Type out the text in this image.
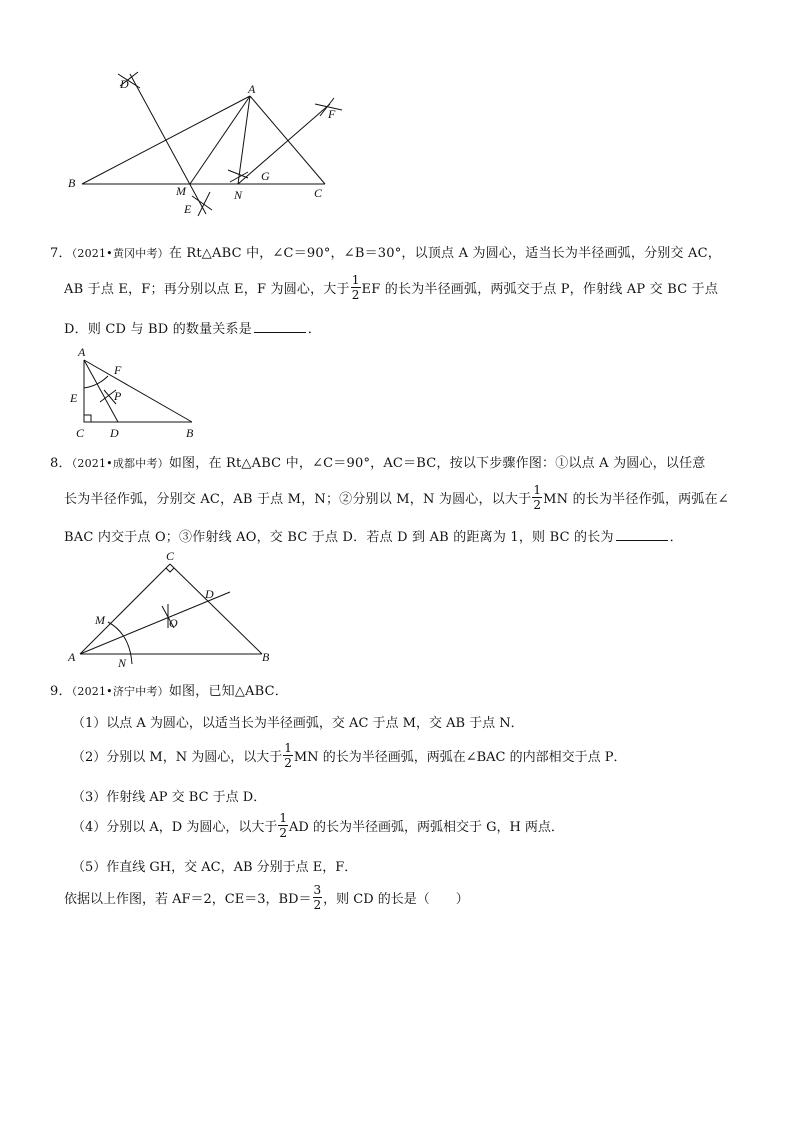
D	A
F
B
M
G
N	C
E
7．（2021•黄冈中考）在 Rt△ABC 中，∠C＝90°，∠B＝30°，以顶点 A 为圆心，适当长为半径画弧，分别交 AC，
AB 于点 E，F；再分别以点 E，F 为圆心，大于 $\frac{1}{2}$ EF 的长为半径画弧，两弧交于点 P，作射线 AP 交 BC 于点
D．则 CD 与 BD 的数量关系是	．
A
F
E	P
C D	B
8．（2021•成都中考）如图，在 Rt△ABC 中，∠C＝90°，AC＝BC，按以下步骤作图：①以点 A 为圆心，以任意
长为半径作弧，分别交 AC，AB 于点 M，N；②分别以 M，N 为圆心，以大于 $\frac{1}{2}$ MN 的长为半径作弧，两弧在∠
BAC 内交于点 O；③作射线 AO，交 BC 于点 D．若点 D 到 AB 的距离为 1，则 BC 的长为	．
C
D
M	O
A	N	B
9．（2021•济宁中考）如图，已知△ABC．
（1）以点 A 为圆心，以适当长为半径画弧，交 AC 于点 M，交 AB 于点 N．
（2）分别以 M，N 为圆心，以大于 $\frac{1}{2}$ MN 的长为半径画弧，两弧在∠BAC 的内部相交于点 P．
（3）作射线 AP 交 BC 于点 D．
（4）分别以 A，D 为圆心，以大于 $\frac{1}{2}$ AD 的长为半径画弧，两弧相交于 G，H 两点．
（5）作直线 GH，交 AC，AB 分别于点 E，F．
依据以上作图，若 AF＝2，CE＝3，$BD= \frac{3}{2}$ ，则 CD 的长是（　　）
